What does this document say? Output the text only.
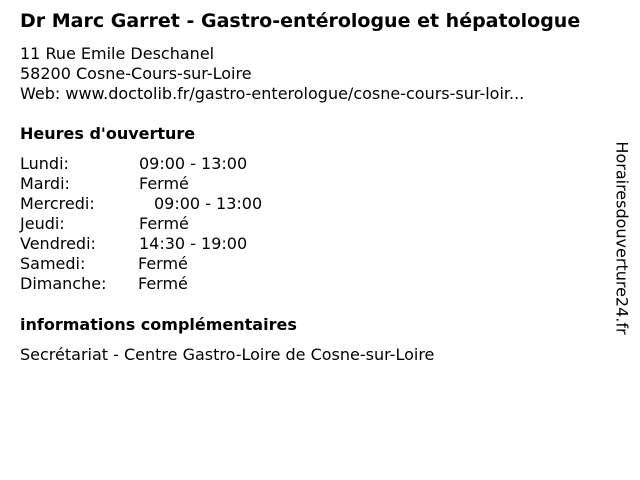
Dr Marc Garret - Gastro-entérologue et hépatologue
11 Rue Emile Deschanel
58200 Cosne-Cours-sur-Loire
Web: www.doctolib.fr/gastro-enterologue/cosne-cours-sur-loir...
Heures d'ouverture
Lundi:	09:00 - 13:00
Mardi:	Fermé
Mercredi:	09:00 - 13:00
Jeudi:	Fermé
Vendredi:	14:30 - 19:00
Samedi:	Fermé
Dimanche: Fermé
informations complémentaires
Secrétariat - Centre Gastro-Loire de Cosne-sur-Loire
Horairesdouverture24.fr
